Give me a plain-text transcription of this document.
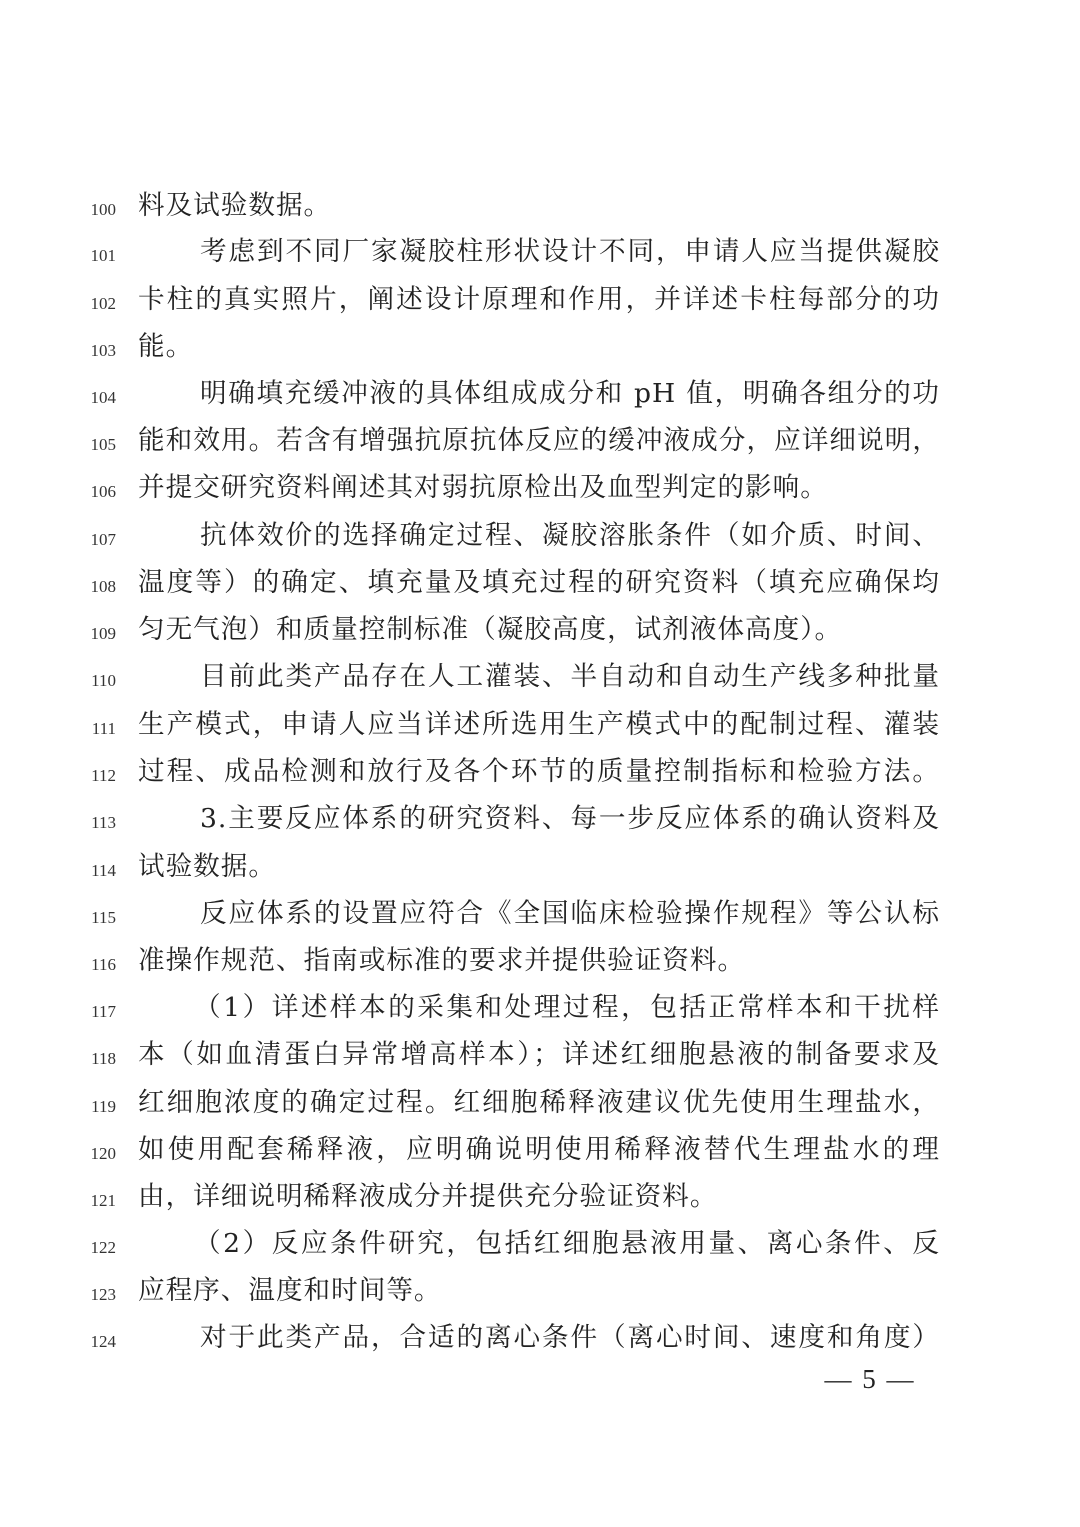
100 料及试验数据。
101	考虑到不同厂家凝胶柱形状设计不同，申请人应当提供凝胶
102 卡柱的真实照片，阐述设计原理和作用，并详述卡柱每部分的功
103 能。
104	明确填充缓冲液的具体组成成分和 pH 值，明确各组分的功
105 能和效用。若含有增强抗原抗体反应的缓冲液成分，应详细说明，
106 并提交研究资料阐述其对弱抗原检出及血型判定的影响。
107	抗体效价的选择确定过程、凝胶溶胀条件（如介质、时间、
108 温度等）的确定、填充量及填充过程的研究资料（填充应确保均
109 匀无气泡）和质量控制标准（凝胶高度，试剂液体高度）。
110	目前此类产品存在人工灌装、半自动和自动生产线多种批量
111 生产模式，申请人应当详述所选用生产模式中的配制过程、灌装
112 过程、成品检测和放行及各个环节的质量控制指标和检验方法。
113	3.主要反应体系的研究资料、每一步反应体系的确认资料及
114 试验数据。
115	反应体系的设置应符合《全国临床检验操作规程》等公认标
116 准操作规范、指南或标准的要求并提供验证资料。
117	（1）详述样本的采集和处理过程，包括正常样本和干扰样
118 本（如血清蛋白异常增高样本）；详述红细胞悬液的制备要求及
119 红细胞浓度的确定过程。红细胞稀释液建议优先使用生理盐水，
120 如使用配套稀释液，应明确说明使用稀释液替代生理盐水的理
121 由，详细说明稀释液成分并提供充分验证资料。
122	（2）反应条件研究，包括红细胞悬液用量、离心条件、反
123 应程序、温度和时间等。
124	对于此类产品，合适的离心条件（离心时间、速度和角度）
— 5 —
